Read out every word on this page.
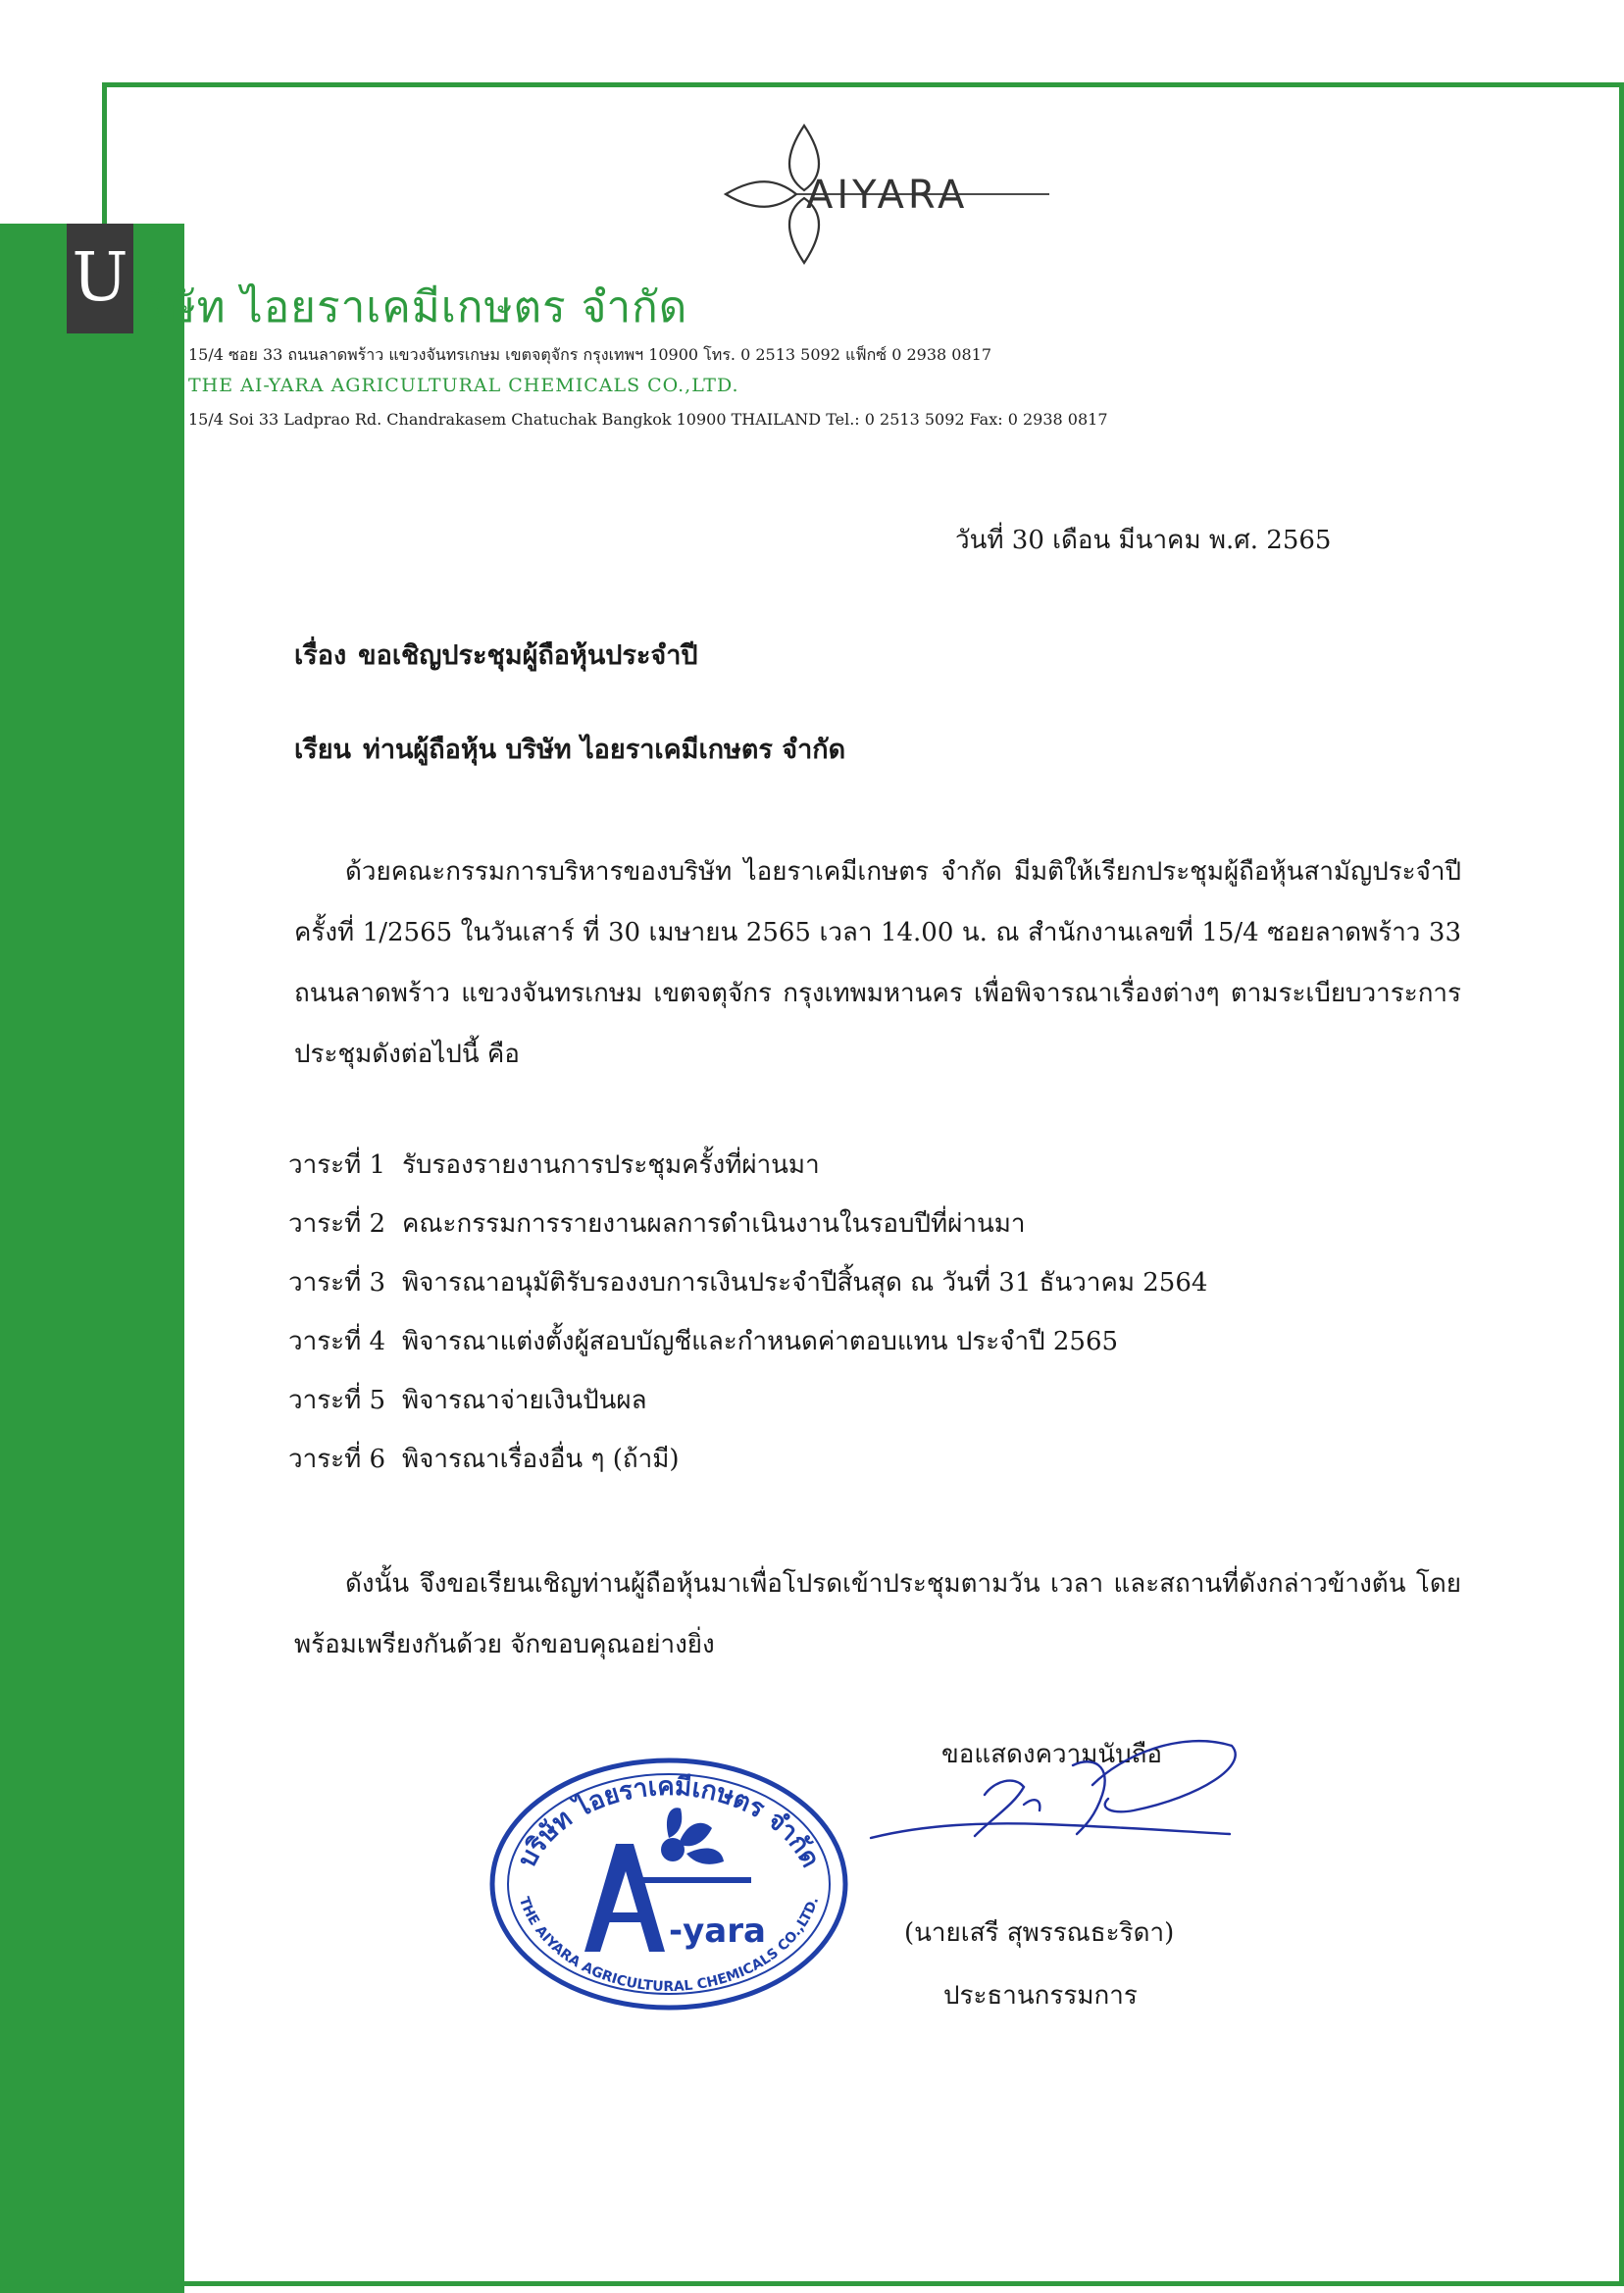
AIYARA
U ริษัท ไอยราเคมีเกษตร จำกัด
15/4 ซอย 33 ถนนลาดพร้าว แขวงจันทรเกษม เขตจตุจักร กรุงเทพฯ 10900 โทร. 0 2513 5092 แฟ็กซ์ 0 2938 0817
THE AI-YARA AGRICULTURAL CHEMICALS CO.,LTD.
15/4 Soi 33 Ladprao Rd. Chandrakasem Chatuchak Bangkok 10900 THAILAND Tel.: 0 2513 5092 Fax: 0 2938 0817
วันที่ 30 เดือน มีนาคม พ.ศ. 2565
เรื่อง ขอเชิญประชุมผู้ถือหุ้นประจำปี
เรียน ท่านผู้ถือหุ้น บริษัท ไอยราเคมีเกษตร จำกัด
ด้วยคณะกรรมการบริหารของบริษัท ไอยราเคมีเกษตร จำกัด มีมติให้เรียกประชุมผู้ถือหุ้นสามัญประจำปี ครั้งที่ 1/2565 ในวันเสาร์ ที่ 30 เมษายน 2565 เวลา 14.00 น. ณ สำนักงานเลขที่ 15/4 ซอยลาดพร้าว 33 ถนนลาดพร้าว แขวงจันทรเกษม เขตจตุจักร กรุงเทพมหานคร เพื่อพิจารณาเรื่องต่างๆ ตามระเบียบวาระการประชุมดังต่อไปนี้ คือ
วาระที่ 1 รับรองรายงานการประชุมครั้งที่ผ่านมา
วาระที่ 2 คณะกรรมการรายงานผลการดำเนินงานในรอบปีที่ผ่านมา
วาระที่ 3 พิจารณาอนุมัติรับรองงบการเงินประจำปีสิ้นสุด ณ วันที่ 31 ธันวาคม 2564
วาระที่ 4 พิจารณาแต่งตั้งผู้สอบบัญชีและกำหนดค่าตอบแทน ประจำปี 2565
วาระที่ 5 พิจารณาจ่ายเงินปันผล
วาระที่ 6 พิจารณาเรื่องอื่น ๆ (ถ้ามี)
ดังนั้น จึงขอเรียนเชิญท่านผู้ถือหุ้นมาเพื่อโปรดเข้าประชุมตามวัน เวลา และสถานที่ดังกล่าวข้างต้น โดยพร้อมเพรียงกันด้วย จักขอบคุณอย่างยิ่ง
ขอแสดงความนับถือ
(นายเสรี สุพรรณธะริดา)
ประธานกรรมการ
บริษัท ไอยราเคมีเกษตร จำกัด
THE AIYARA AGRICULTURAL CHEMICALS CO.,LTD.
-yara
